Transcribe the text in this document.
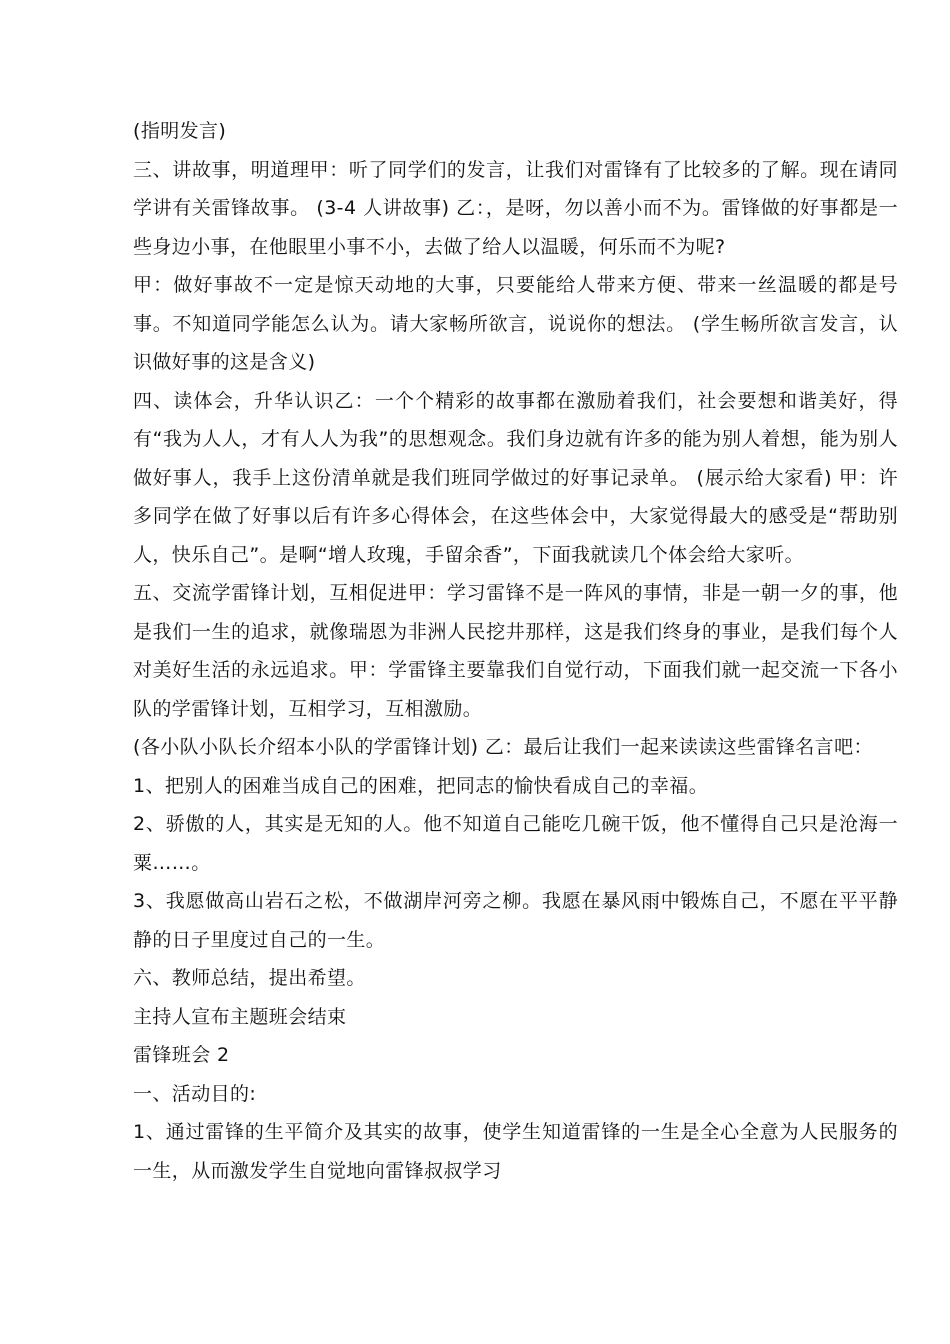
(指明发言)

三、讲故事，明道理甲：听了同学们的发言，让我们对雷锋有了比较多的了解。现在请同学讲有关雷锋故事。 (3-4 人讲故事) 乙：，是呀，勿以善小而不为。雷锋做的好事都是一些身边小事，在他眼里小事不小，去做了给人以温暖，何乐而不为呢?

甲：做好事故不一定是惊天动地的大事，只要能给人带来方便、带来一丝温暖的都是号事。不知道同学能怎么认为。请大家畅所欲言，说说你的想法。 (学生畅所欲言发言，认识做好事的这是含义)

四、读体会，升华认识乙：一个个精彩的故事都在激励着我们，社会要想和谐美好，得有“我为人人，才有人人为我”的思想观念。我们身边就有许多的能为别人着想，能为别人做好事人，我手上这份清单就是我们班同学做过的好事记录单。 (展示给大家看) 甲：许多同学在做了好事以后有许多心得体会，在这些体会中，大家觉得最大的感受是“帮助别人，快乐自己”。是啊“增人玫瑰，手留余香”，下面我就读几个体会给大家听。

五、交流学雷锋计划，互相促进甲：学习雷锋不是一阵风的事情，非是一朝一夕的事，他是我们一生的追求，就像瑞恩为非洲人民挖井那样，这是我们终身的事业，是我们每个人对美好生活的永远追求。甲：学雷锋主要靠我们自觉行动，下面我们就一起交流一下各小队的学雷锋计划，互相学习，互相激励。

(各小队小队长介绍本小队的学雷锋计划) 乙：最后让我们一起来读读这些雷锋名言吧：

1、把别人的困难当成自己的困难，把同志的愉快看成自己的幸福。

2、骄傲的人，其实是无知的人。他不知道自己能吃几碗干饭，他不懂得自己只是沧海一粟……。

3、我愿做高山岩石之松，不做湖岸河旁之柳。我愿在暴风雨中锻炼自己，不愿在平平静静的日子里度过自己的一生。

六、教师总结，提出希望。

主持人宣布主题班会结束

雷锋班会 2

一、活动目的:

1、通过雷锋的生平简介及其实的故事，使学生知道雷锋的一生是全心全意为人民服务的一生，从而激发学生自觉地向雷锋叔叔学习
